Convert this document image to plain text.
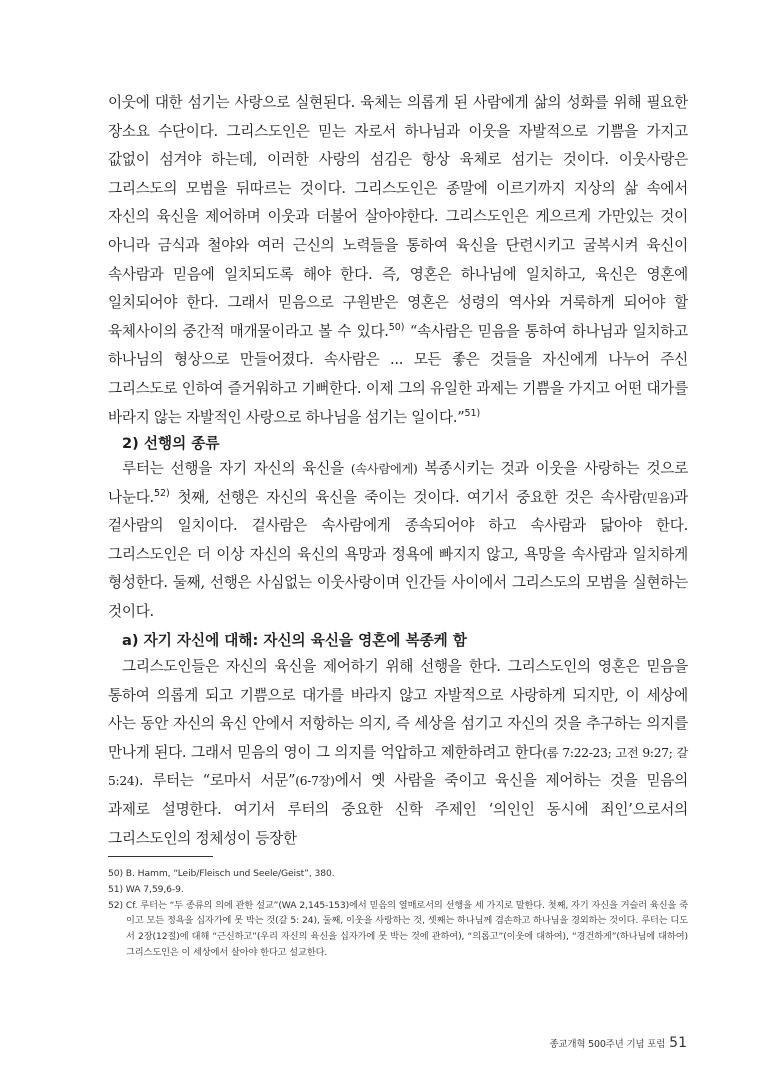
이웃에 대한 섬기는 사랑으로 실현된다. 육체는 의롭게 된 사람에게 삶의 성화를 위해 필요한 장소요 수단이다. 그리스도인은 믿는 자로서 하나님과 이웃을 자발적으로 기쁨을 가지고 값없이 섬겨야 하는데, 이러한 사랑의 섬김은 항상 육체로 섬기는 것이다. 이웃사랑은 그리스도의 모범을 뒤따르는 것이다. 그리스도인은 종말에 이르기까지 지상의 삶 속에서 자신의 육신을 제어하며 이웃과 더불어 살아야한다. 그리스도인은 게으르게 가만있는 것이 아니라 금식과 철야와 여러 근신의 노력들을 통하여 육신을 단련시키고 굴복시켜 육신이 속사람과 믿음에 일치되도록 해야 한다. 즉, 영혼은 하나님에 일치하고, 육신은 영혼에 일치되어야 한다. 그래서 믿음으로 구원받은 영혼은 성령의 역사와 거룩하게 되어야 할 육체사이의 중간적 매개물이라고 볼 수 있다.$^{50)}$ “속사람은 믿음을 통하여 하나님과 일치하고 하나님의 형상으로 만들어졌다. 속사람은 ... 모든 좋은 것들을 자신에게 나누어 주신 그리스도로 인하여 즐거워하고 기뻐한다. 이제 그의 유일한 과제는 기쁨을 가지고 어떤 대가를 바라지 않는 자발적인 사랑으로 하나님을 섬기는 일이다.”$^{51)}$

2) 선행의 종류

루터는 선행을 자기 자신의 육신을 (속사람에게) 복종시키는 것과 이웃을 사랑하는 것으로 나눈다.$^{52)}$ 첫째, 선행은 자신의 육신을 죽이는 것이다. 여기서 중요한 것은 속사람(믿음)과 겉사람의 일치이다. 겉사람은 속사람에게 종속되어야 하고 속사람과 닮아야 한다. 그리스도인은 더 이상 자신의 육신의 욕망과 정욕에 빠지지 않고, 욕망을 속사람과 일치하게 형성한다. 둘째, 선행은 사심없는 이웃사랑이며 인간들 사이에서 그리스도의 모범을 실현하는 것이다.

a) 자기 자신에 대해: 자신의 육신을 영혼에 복종케 함

그리스도인들은 자신의 육신을 제어하기 위해 선행을 한다. 그리스도인의 영혼은 믿음을 통하여 의롭게 되고 기쁨으로 대가를 바라지 않고 자발적으로 사랑하게 되지만, 이 세상에 사는 동안 자신의 육신 안에서 저항하는 의지, 즉 세상을 섬기고 자신의 것을 추구하는 의지를 만나게 된다. 그래서 믿음의 영이 그 의지를 억압하고 제한하려고 한다(롬 7:22-23; 고전 9:27; 갈 5:24). 루터는 “로마서 서문”(6-7장)에서 옛 사람을 죽이고 육신을 제어하는 것을 믿음의 과제로 설명한다. 여기서 루터의 중요한 신학 주제인 ‘의인인 동시에 죄인’으로서의 그리스도인의 정체성이 등장한

50) B. Hamm, “Leib/Fleisch und Seele/Geist”, 380.
51) WA 7,59,6-9.
52) Cf. 루터는 “두 종류의 의에 관한 설교”(WA 2,145-153)에서 믿음의 열매로서의 선행을 세 가지로 말한다. 첫째, 자기 자신을 거슬러 육신을 죽이고 모든 정욕을 십자가에 못 박는 것(갈 5: 24), 둘째, 이웃을 사랑하는 것, 셋째는 하나님께 겸손하고 하나님을 경외하는 것이다. 루터는 디도서 2장(12절)에 대해 “근신하고”(우리 자신의 육신을 십자가에 못 박는 것에 관하여), “의롭고”(이웃에 대하여), “경건하게”(하나님에 대하여) 그리스도인은 이 세상에서 살아야 한다고 설교한다.
종교개혁 500주년 기념 포럼 51
